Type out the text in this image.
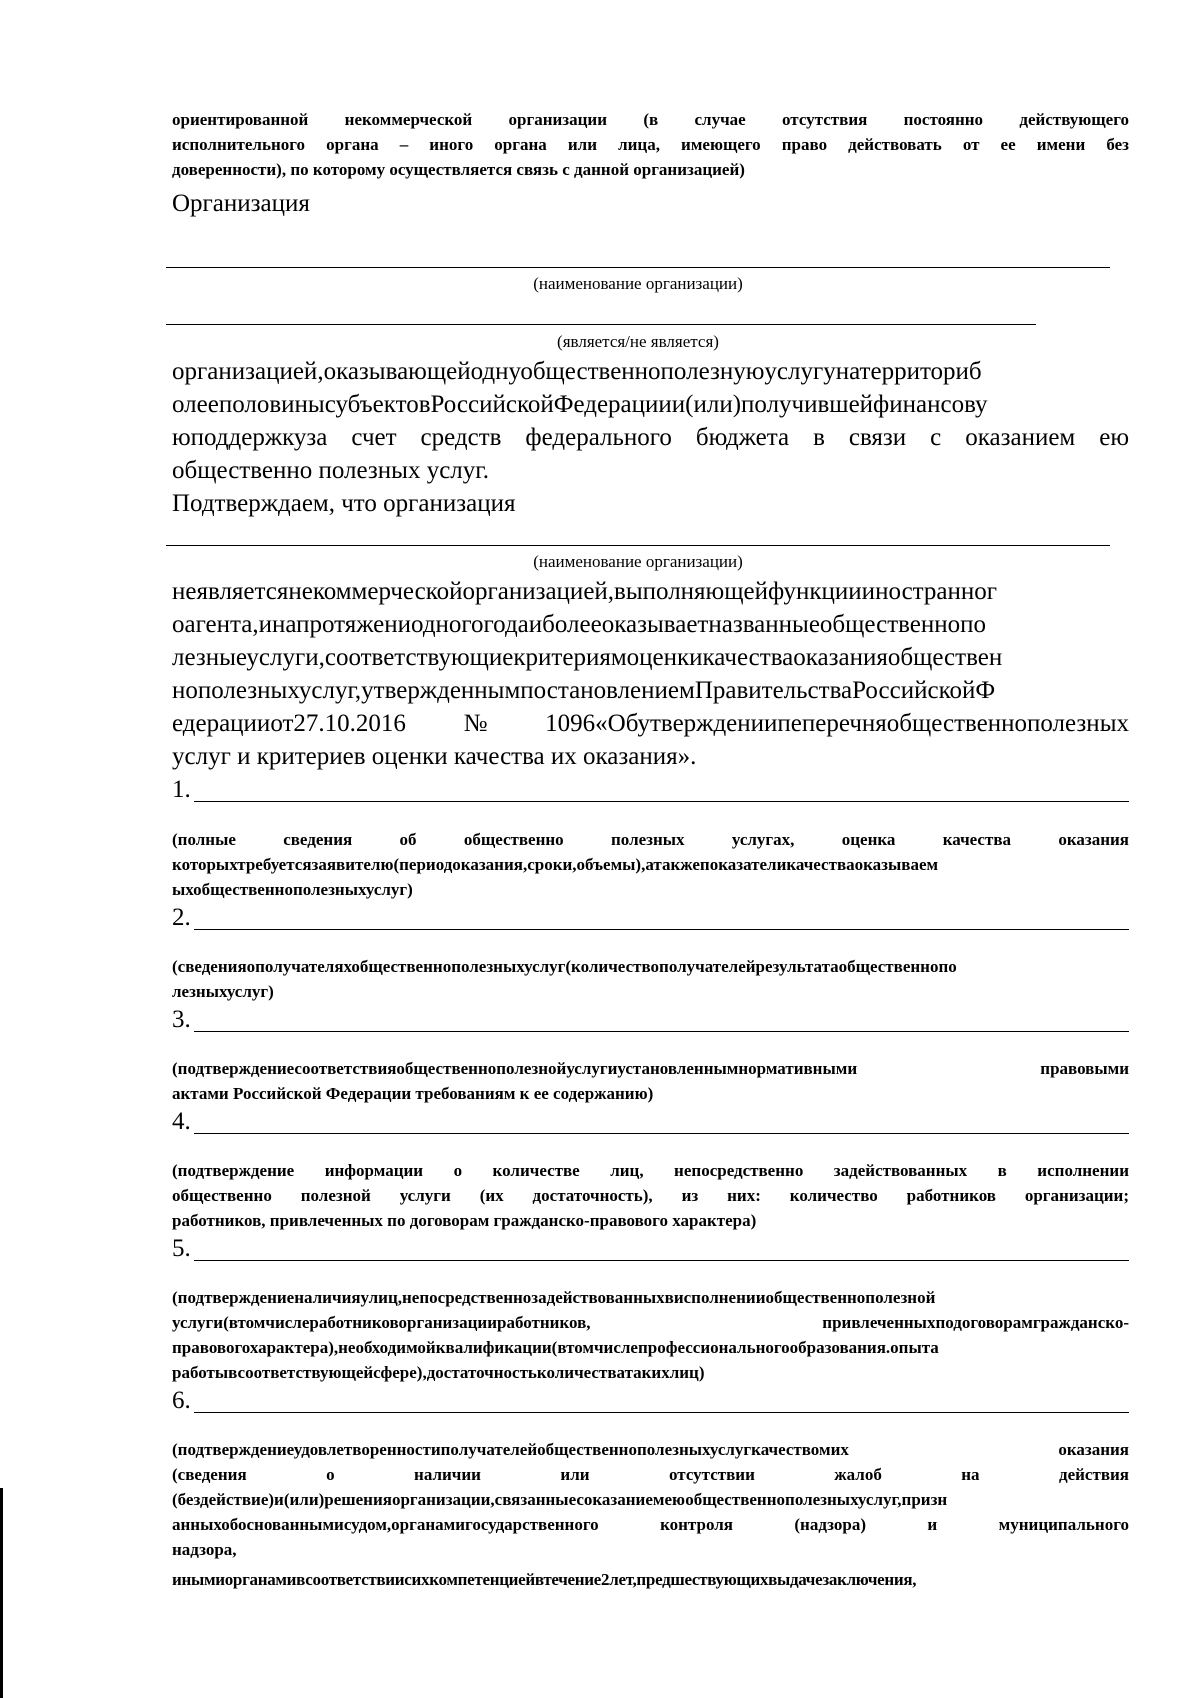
ориентированной некоммерческой организации (в случае отсутствия постоянно действующего
исполнительного органа – иного органа или лица, имеющего право действовать от ее имени без
доверенности), по которому осуществляется связь с данной организацией)
Организация
(наименование организации)
(является/не является)
организацией,оказывающейоднуобщественнополезнуюуслугунатерриториб
олееполовинысубъектовРоссийскойФедерациии(или)получившейфинансову
юподдержкуза счет средств федерального бюджета в связи с оказанием ею
общественно полезных услуг.
Подтверждаем, что организация
(наименование организации)
неявляетсянекоммерческойорганизацией,выполняющейфункциииностранног
оагента,инапротяжениодногогодаиболееоказываетназванныеобщественнопо
лезныеуслуги,соответствующиекритериямоценкикачестваоказанияобществен
нополезныхуслуг,утвержденнымпостановлениемПравительстваРоссийскойФ
едерацииот27.10.2016№1096«Обутверждениипеперечняобщественнополезных
услуг и критериев оценки качества их оказания».
1.
(полные сведения об общественно полезных услугах, оценка качества оказания
которыхтребуетсязаявителю(периодоказания,сроки,объемы),атакжепоказателикачестваоказываем
ыхобщественнополезныхуслуг)
2.
(сведенияополучателяхобщественнополезныхуслуг(количествополучателейрезультатаобщественнопо
лезныхуслуг)
3.
(подтверждениесоответствияобщественнополезнойуслугиустановленнымнормативными правовыми
актами Российской Федерации требованиям к ее содержанию)
4.
(подтверждение информации о количестве лиц, непосредственно задействованных в исполнении
общественно полезной услуги (их достаточность), из них: количество работников организации;
работников, привлеченных по договорам гражданско-правового характера)
5.
(подтверждениеналичияулиц,непосредственнозадействованныхвисполненииобщественнополезной
услуги(втомчислеработниковорганизацииработников, привлеченныхподоговорамгражданско-
правовогохарактера),необходимойквалификации(втомчислепрофессиональногообразования.опыта
работывсоответствующейсфере),достаточностьколичестватакихлиц)
6.
(подтверждениеудовлетворенностиполучателейобщественнополезныхуслугкачествомих оказания
(сведения о наличии или отсутствии жалоб на действия
(бездействие)и(или)решенияорганизации,связанныесоказаниемеюобщественнополезныхуслуг,призн
анныхобоснованнымисудом,органамигосударственного контроля (надзора) и муниципального
надзора,
инымиорганамивсоответствиисихкомпетенциейвтечение2лет,предшествующихвыдачезаключения,
